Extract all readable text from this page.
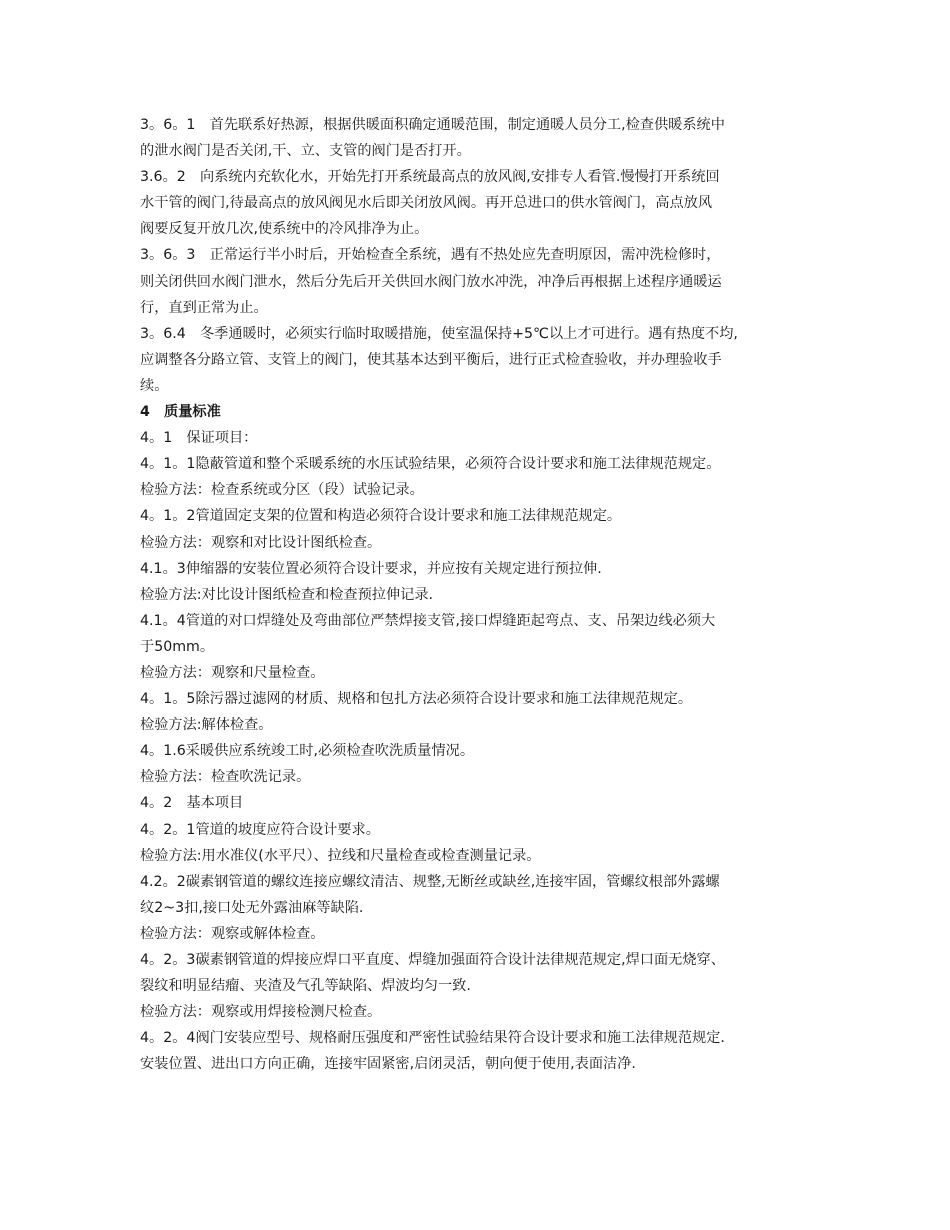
3。6。1　首先联系好热源，根据供暖面积确定通暖范围，制定通暖人员分工,检查供暖系统中
的泄水阀门是否关闭,干、立、支管的阀门是否打开。
3.6。2　向系统内充软化水，开始先打开系统最高点的放风阀,安排专人看管.慢慢打开系统回
水干管的阀门,待最高点的放风阀见水后即关闭放风阀。再开总进口的供水管阀门，高点放风
阀要反复开放几次,使系统中的冷风排净为止。
3。6。3　正常运行半小时后，开始检查全系统，遇有不热处应先查明原因，需冲洗检修时，
则关闭供回水阀门泄水，然后分先后开关供回水阀门放水冲洗，冲净后再根据上述程序通暖运
行，直到正常为止。
3。6.4　冬季通暖时，必须实行临时取暖措施，使室温保持+5℃以上才可进行。遇有热度不均,
应调整各分路立管、支管上的阀门，使其基本达到平衡后，进行正式检查验收，并办理验收手
续。
4　质量标准
4。1　保证项目：
4。1。1隐蔽管道和整个采暖系统的水压试验结果，必须符合设计要求和施工法律规范规定。
检验方法：检查系统或分区（段）试验记录。
4。1。2管道固定支架的位置和构造必须符合设计要求和施工法律规范规定。
检验方法：观察和对比设计图纸检查。
4.1。3伸缩器的安装位置必须符合设计要求，并应按有关规定进行预拉伸.
检验方法:对比设计图纸检查和检查预拉伸记录.
4.1。4管道的对口焊缝处及弯曲部位严禁焊接支管,接口焊缝距起弯点、支、吊架边线必须大
于50mm。
检验方法：观察和尺量检查。
4。1。5除污器过滤网的材质、规格和包扎方法必须符合设计要求和施工法律规范规定。
检验方法:解体检查。
4。1.6采暖供应系统竣工时,必须检查吹洗质量情况。
检验方法：检查吹洗记录。
4。2　基本项目
4。2。1管道的坡度应符合设计要求。
检验方法:用水准仪(水平尺）、拉线和尺量检查或检查测量记录。
4.2。2碳素钢管道的螺纹连接应螺纹清洁、规整,无断丝或缺丝,连接牢固，管螺纹根部外露螺
纹2~3扣,接口处无外露油麻等缺陷.
检验方法：观察或解体检查。
4。2。3碳素钢管道的焊接应焊口平直度、焊缝加强面符合设计法律规范规定,焊口面无烧穿、
裂纹和明显结瘤、夹渣及气孔等缺陷、焊波均匀一致.
检验方法：观察或用焊接检测尺检查。
4。2。4阀门安装应型号、规格耐压强度和严密性试验结果符合设计要求和施工法律规范规定.
安装位置、进出口方向正确，连接牢固紧密,启闭灵活，朝向便于使用,表面洁净.
